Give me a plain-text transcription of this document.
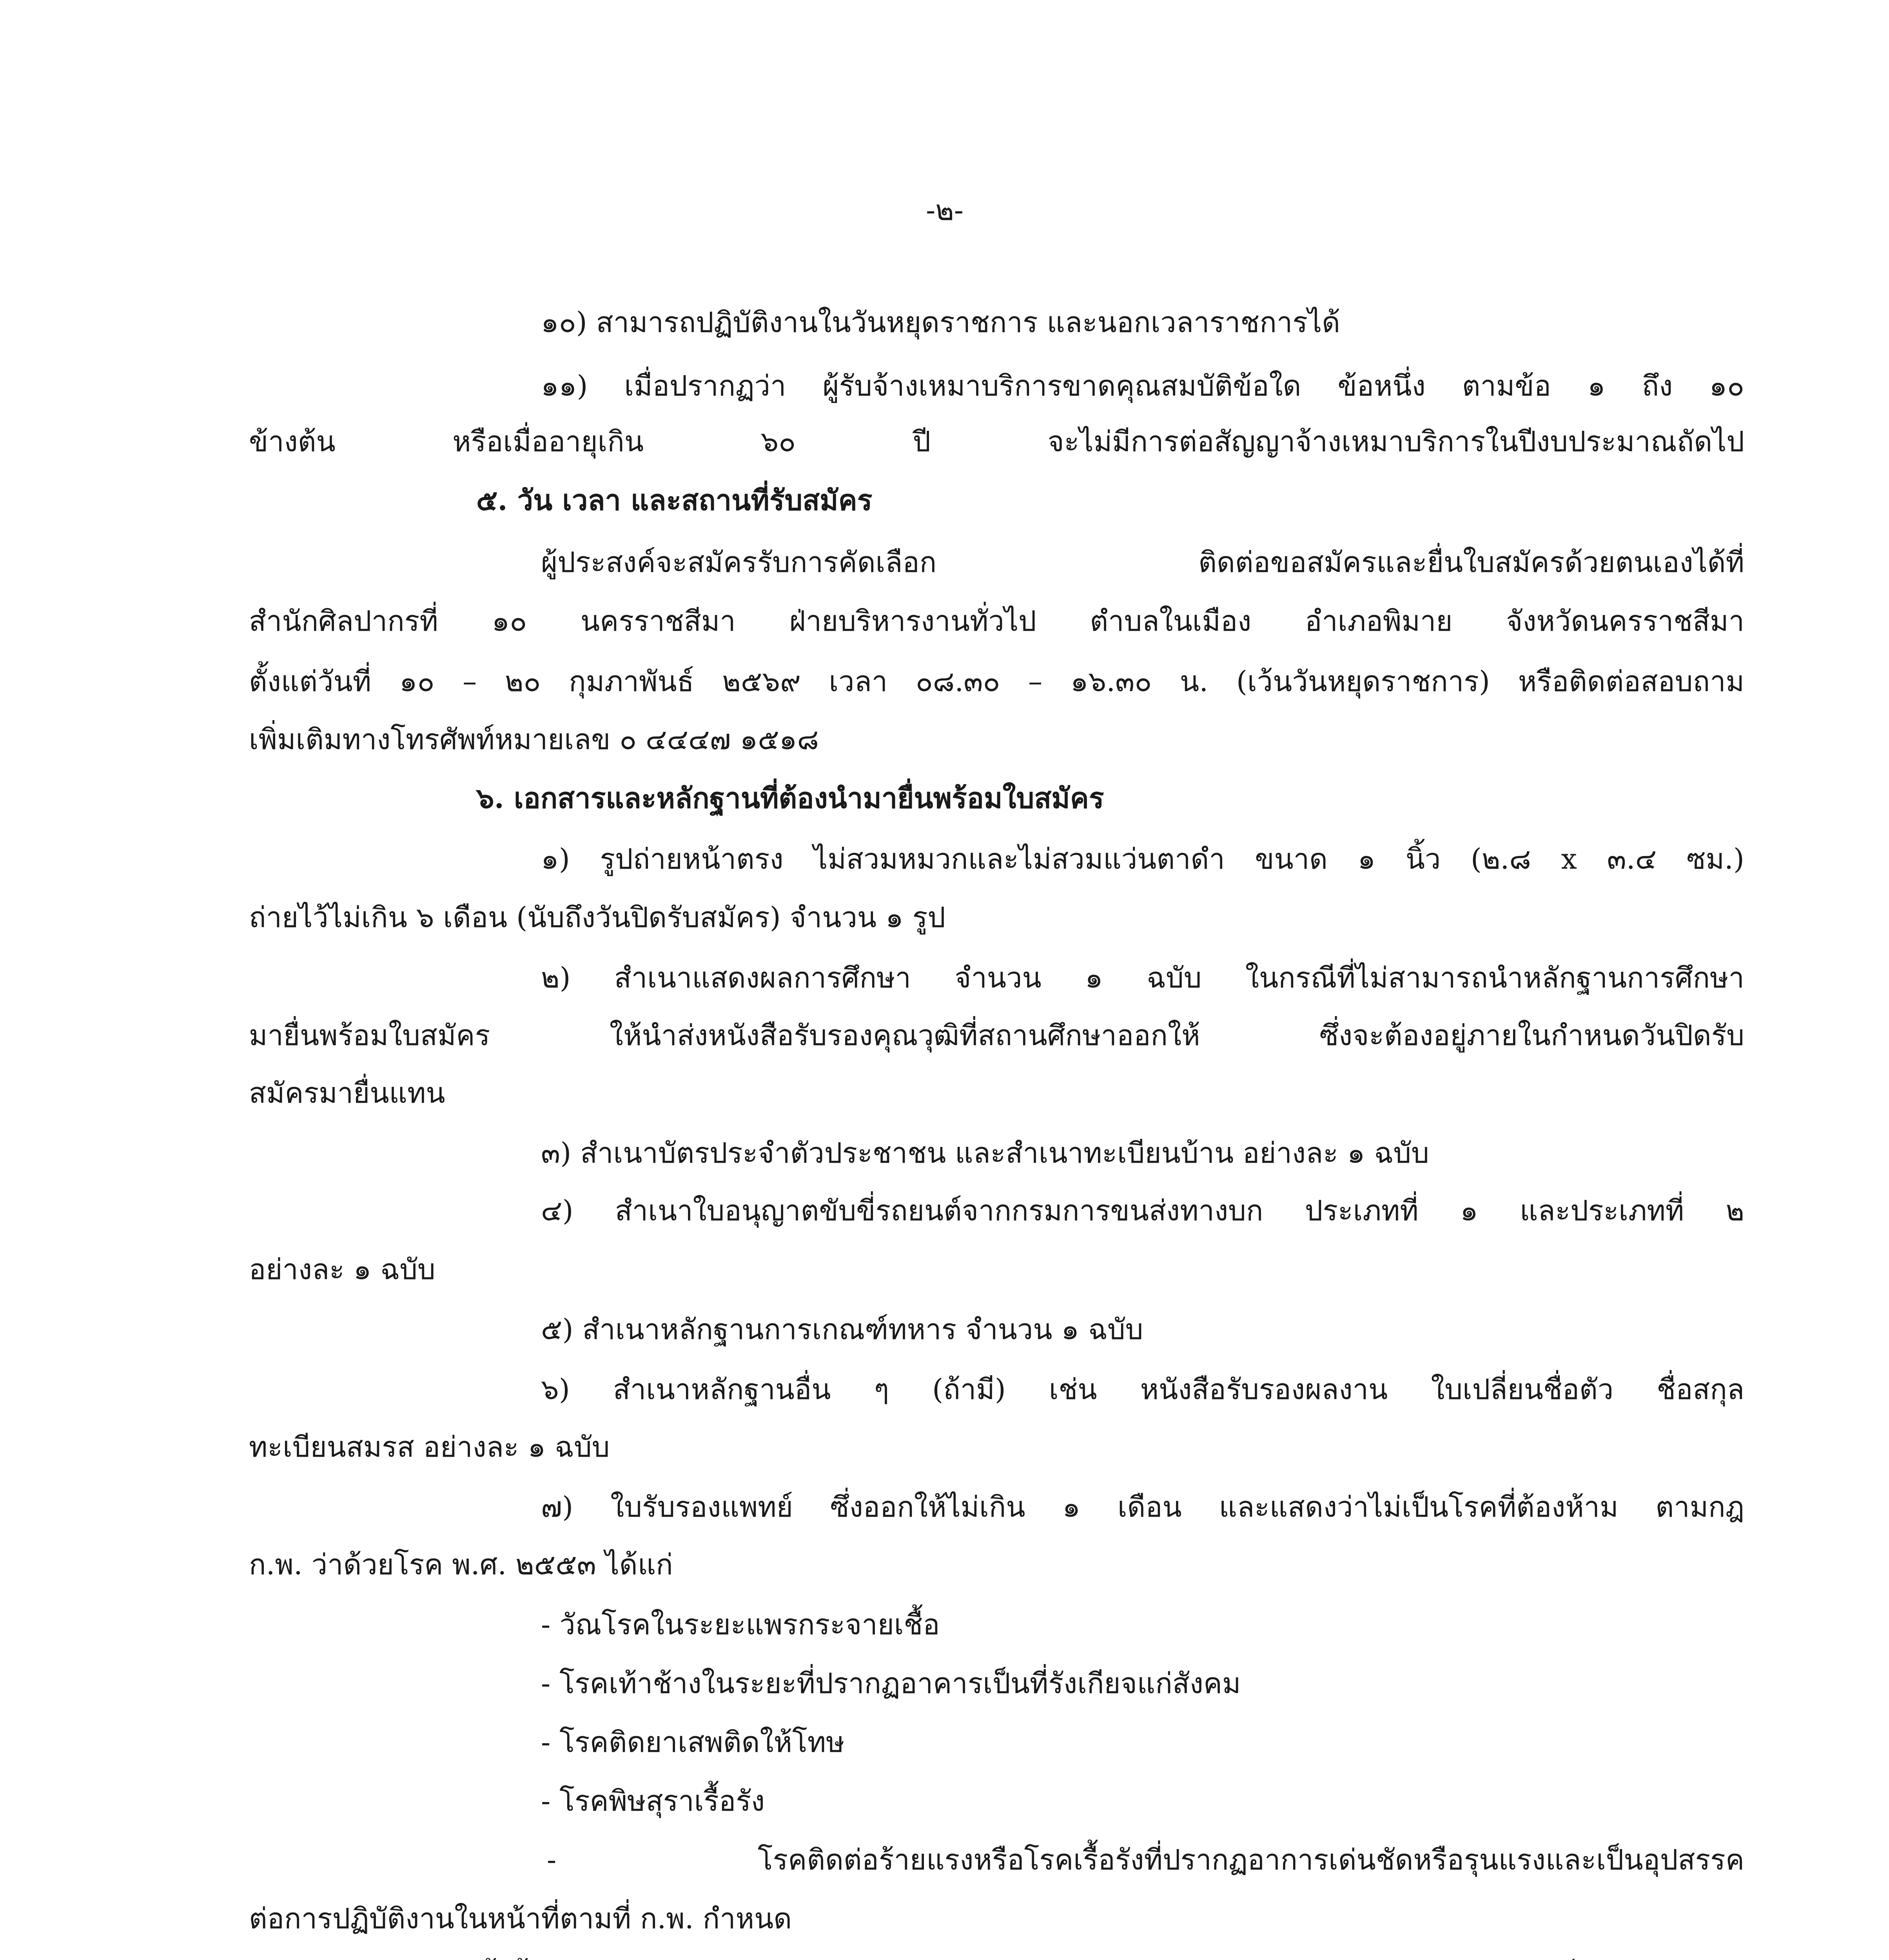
-๒-
๑๐) สามารถปฏิบัติงานในวันหยุดราชการ และนอกเวลาราชการได้
๑๑) เมื่อปรากฏว่า ผู้รับจ้างเหมาบริการขาดคุณสมบัติข้อใด ข้อหนึ่ง ตามข้อ ๑ ถึง ๑๐
ข้างต้น หรือเมื่ออายุเกิน ๖๐ ปี จะไม่มีการต่อสัญญาจ้างเหมาบริการในปีงบประมาณถัดไป
๕. วัน เวลา และสถานที่รับสมัคร
ผู้ประสงค์จะสมัครรับการคัดเลือก ติดต่อขอสมัครและยื่นใบสมัครด้วยตนเองได้ที่
สำนักศิลปากรที่ ๑๐ นครราชสีมา ฝ่ายบริหารงานทั่วไป ตำบลในเมือง อำเภอพิมาย จังหวัดนครราชสีมา
ตั้งแต่วันที่ ๑๐ – ๒๐ กุมภาพันธ์ ๒๕๖๙ เวลา ๐๘.๓๐ – ๑๖.๓๐ น. (เว้นวันหยุดราชการ) หรือติดต่อสอบถาม
เพิ่มเติมทางโทรศัพท์หมายเลข ๐ ๔๔๔๗ ๑๕๑๘
๖. เอกสารและหลักฐานที่ต้องนำมายื่นพร้อมใบสมัคร
๑) รูปถ่ายหน้าตรง ไม่สวมหมวกและไม่สวมแว่นตาดำ ขนาด ๑ นิ้ว (๒.๘ x ๓.๔ ซม.)
ถ่ายไว้ไม่เกิน ๖ เดือน (นับถึงวันปิดรับสมัคร) จำนวน ๑ รูป
๒) สำเนาแสดงผลการศึกษา จำนวน ๑ ฉบับ ในกรณีที่ไม่สามารถนำหลักฐานการศึกษา
มายื่นพร้อมใบสมัคร ให้นำส่งหนังสือรับรองคุณวุฒิที่สถานศึกษาออกให้ ซึ่งจะต้องอยู่ภายในกำหนดวันปิดรับ
สมัครมายื่นแทน
๓) สำเนาบัตรประจำตัวประชาชน และสำเนาทะเบียนบ้าน อย่างละ ๑ ฉบับ
๔) สำเนาใบอนุญาตขับขี่รถยนต์จากกรมการขนส่งทางบก ประเภทที่ ๑ และประเภทที่ ๒
อย่างละ ๑ ฉบับ
๕) สำเนาหลักฐานการเกณฑ์ทหาร จำนวน ๑ ฉบับ
๖) สำเนาหลักฐานอื่น ๆ (ถ้ามี) เช่น หนังสือรับรองผลงาน ใบเปลี่ยนชื่อตัว ชื่อสกุล
ทะเบียนสมรส อย่างละ ๑ ฉบับ
๗) ใบรับรองแพทย์ ซึ่งออกให้ไม่เกิน ๑ เดือน และแสดงว่าไม่เป็นโรคที่ต้องห้าม ตามกฎ
ก.พ. ว่าด้วยโรค พ.ศ. ๒๕๕๓ ได้แก่
- วัณโรคในระยะแพรกระจายเชื้อ
- โรคเท้าช้างในระยะที่ปรากฏอาคารเป็นที่รังเกียจแก่สังคม
- โรคติดยาเสพติดให้โทษ
- โรคพิษสุราเรื้อรัง
- โรคติดต่อร้ายแรงหรือโรคเรื้อรังที่ปรากฏอาการเด่นชัดหรือรุนแรงและเป็นอุปสรรค
ต่อการปฏิบัติงานในหน้าที่ตามที่ ก.พ. กำหนด
